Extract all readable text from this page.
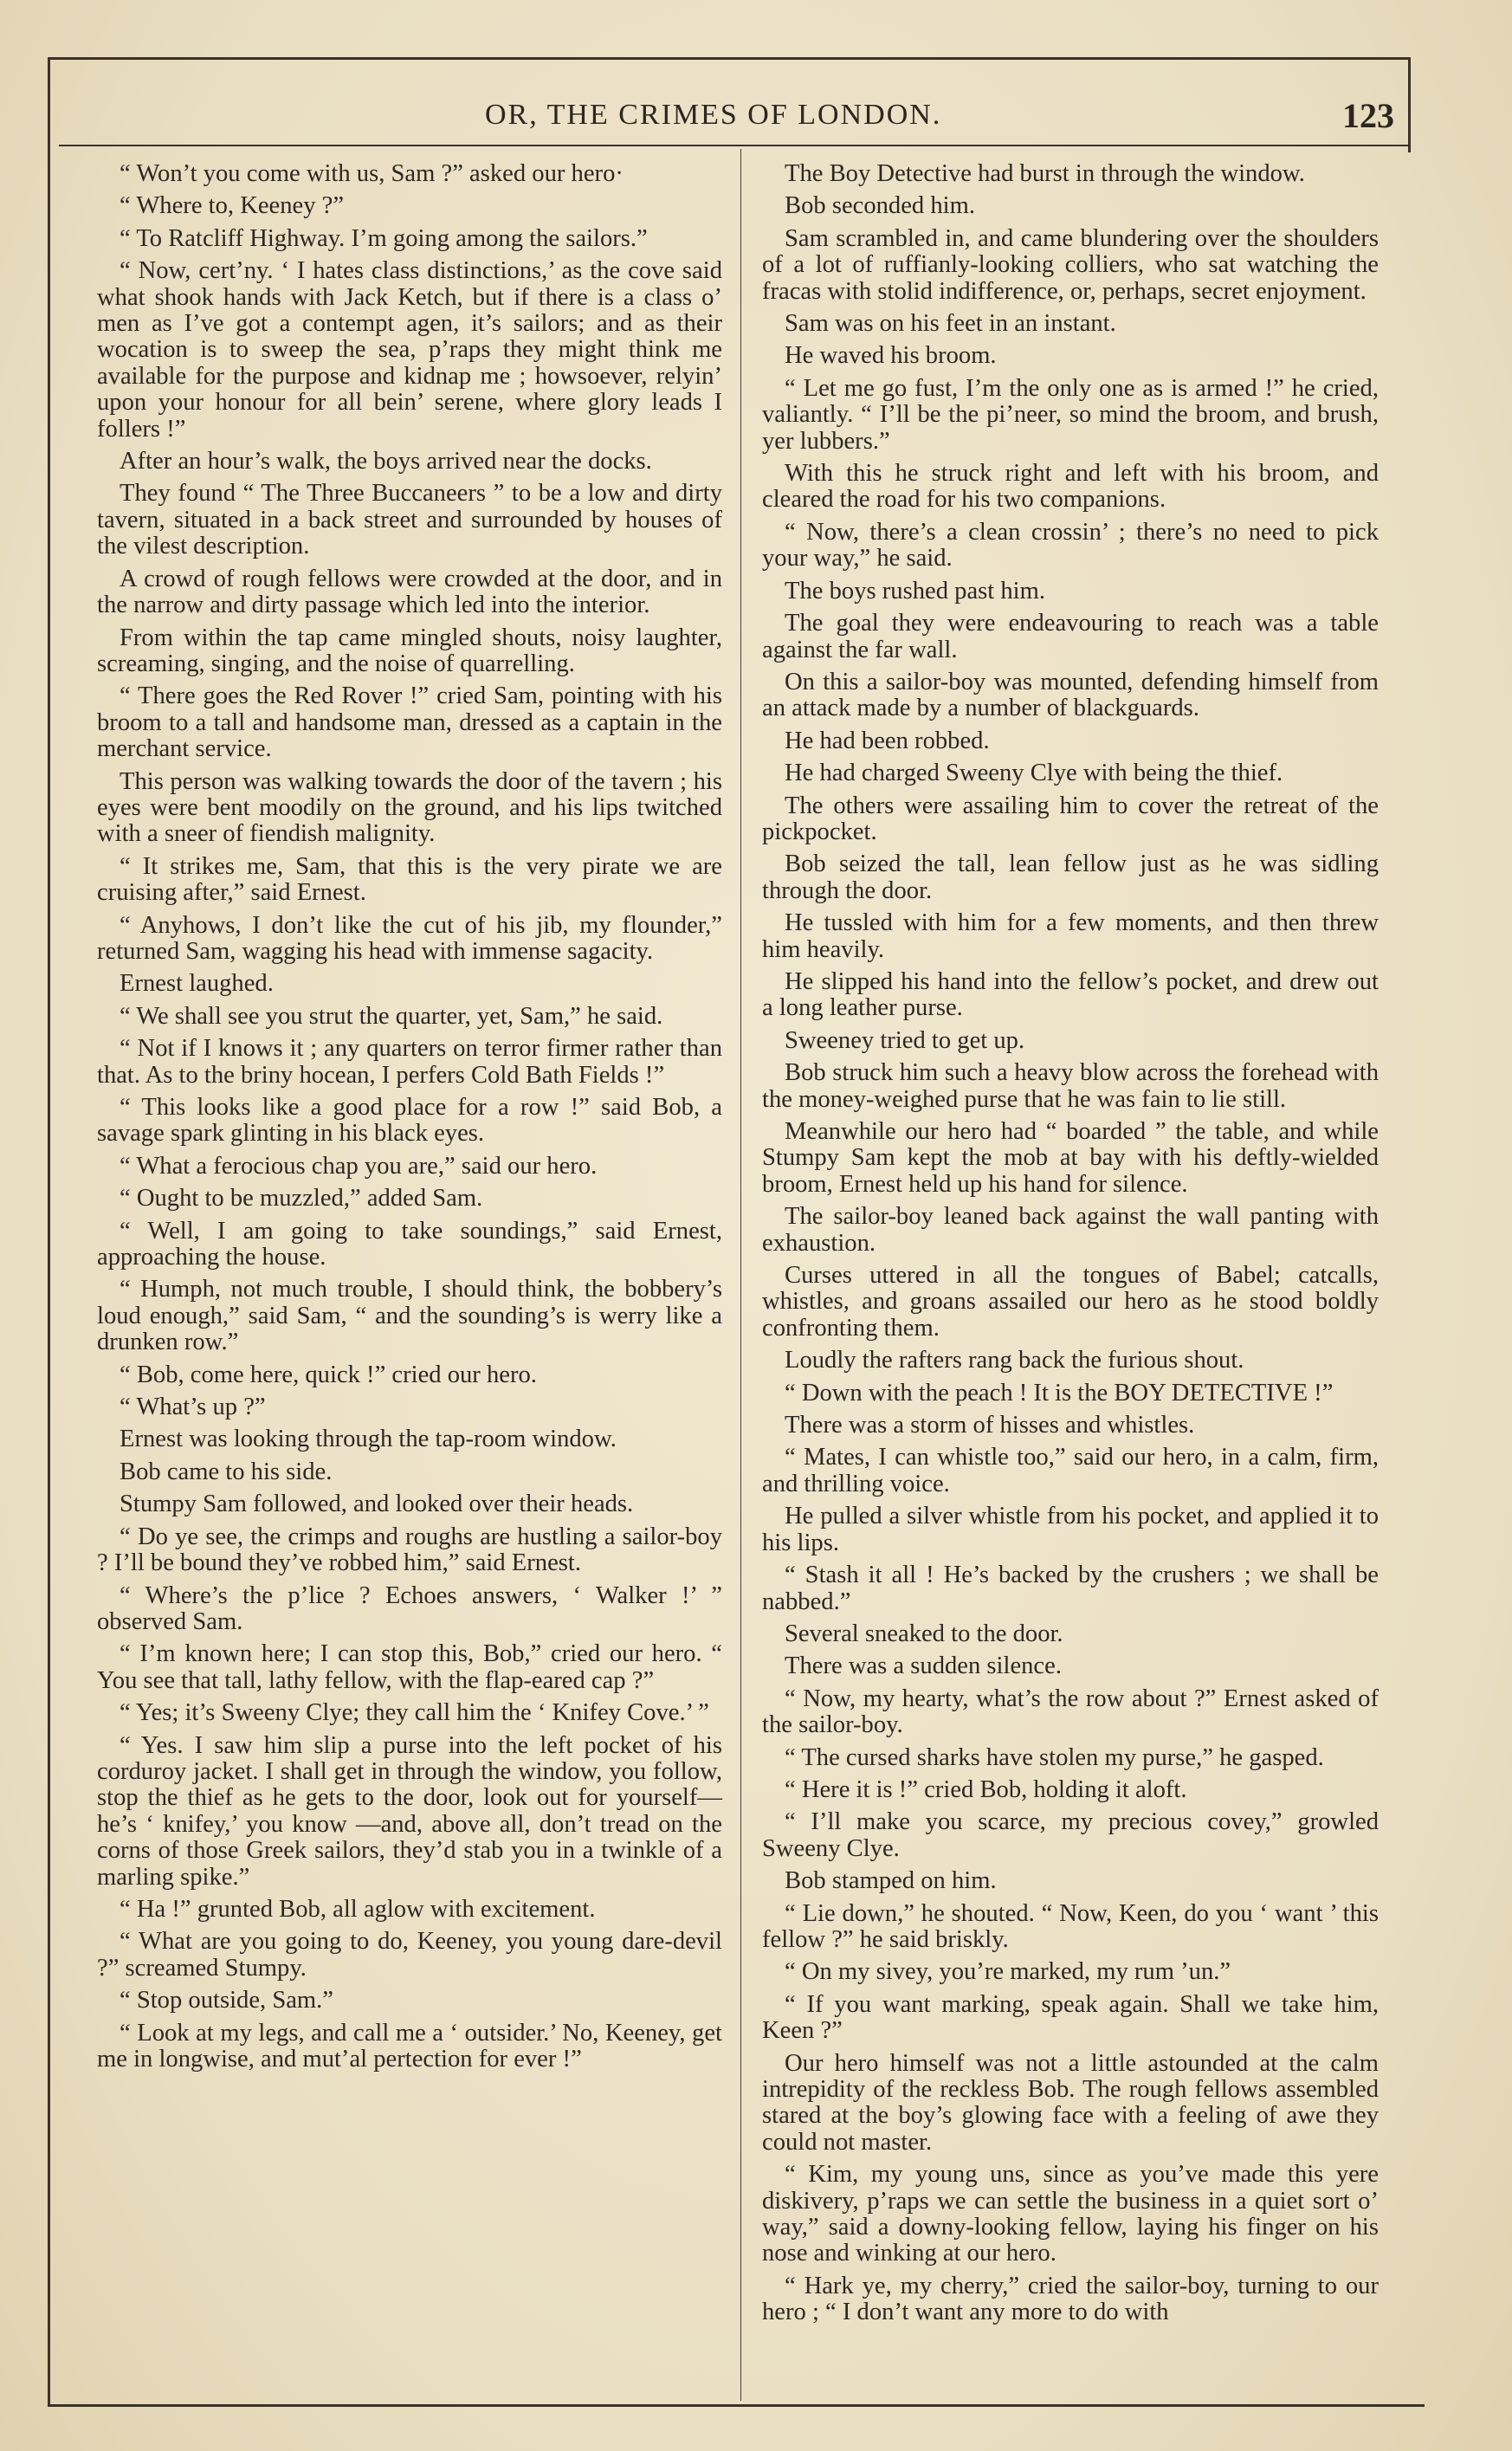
OR, THE CRIMES OF LONDON.	123

“ Won’t you come with us, Sam ?” asked our hero·

“ Where to, Keeney ?”

“ To Ratcliff Highway. I’m going among the sailors.”

“ Now, cert’ny. ‘ I hates class distinctions,’ as the cove said what shook hands with Jack Ketch, but if there is a class o’ men as I’ve got a contempt agen, it’s sailors; and as their wocation is to sweep the sea, p’raps they might think me available for the purpose and kidnap me ; howsoever, relyin’ upon your honour for all bein’ serene, where glory leads I follers !”

After an hour’s walk, the boys arrived near the docks.

They found “ The Three Buccaneers ” to be a low and dirty tavern, situated in a back street and surrounded by houses of the vilest description.

A crowd of rough fellows were crowded at the door, and in the narrow and dirty passage which led into the interior.

From within the tap came mingled shouts, noisy laughter, screaming, singing, and the noise of quarrelling.

“ There goes the Red Rover !” cried Sam, pointing with his broom to a tall and handsome man, dressed as a captain in the merchant service.

This person was walking towards the door of the tavern ; his eyes were bent moodily on the ground, and his lips twitched with a sneer of fiendish malignity.

“ It strikes me, Sam, that this is the very pirate we are cruising after,” said Ernest.

“ Anyhows, I don’t like the cut of his jib, my flounder,” returned Sam, wagging his head with immense sagacity.

Ernest laughed.

“ We shall see you strut the quarter, yet, Sam,” he said.

“ Not if I knows it ; any quarters on terror firmer rather than that. As to the briny hocean, I perfers Cold Bath Fields !”

“ This looks like a good place for a row !” said Bob, a savage spark glinting in his black eyes.

“ What a ferocious chap you are,” said our hero.

“ Ought to be muzzled,” added Sam.

“ Well, I am going to take soundings,” said Ernest, approaching the house.

“ Humph, not much trouble, I should think, the bobbery’s loud enough,” said Sam, “ and the sounding’s is werry like a drunken row.”

“ Bob, come here, quick !” cried our hero.

“ What’s up ?”

Ernest was looking through the tap-room window.

Bob came to his side.

Stumpy Sam followed, and looked over their heads.

“ Do ye see, the crimps and roughs are hustling a sailor-boy ? I’ll be bound they’ve robbed him,” said Ernest.

“ Where’s the p’lice ? Echoes answers, ‘ Walker !’ ” observed Sam.

“ I’m known here; I can stop this, Bob,” cried our hero. “ You see that tall, lathy fellow, with the flap-eared cap ?”

“ Yes; it’s Sweeny Clye; they call him the ‘ Knifey Cove.’ ”

“ Yes. I saw him slip a purse into the left pocket of his corduroy jacket. I shall get in through the window, you follow, stop the thief as he gets to the door, look out for yourself—he’s ‘ knifey,’ you know —and, above all, don’t tread on the corns of those Greek sailors, they’d stab you in a twinkle of a marling spike.”

“ Ha !” grunted Bob, all aglow with excitement.

“ What are you going to do, Keeney, you young dare-devil ?” screamed Stumpy.

“ Stop outside, Sam.”

“ Look at my legs, and call me a ‘ outsider.’ No, Keeney, get me in longwise, and mut’al pertection for ever !”

The Boy Detective had burst in through the window.

Bob seconded him.

Sam scrambled in, and came blundering over the shoulders of a lot of ruffianly-looking colliers, who sat watching the fracas with stolid indifference, or, perhaps, secret enjoyment.

Sam was on his feet in an instant.

He waved his broom.

“ Let me go fust, I’m the only one as is armed !” he cried, valiantly. “ I’ll be the pi’neer, so mind the broom, and brush, yer lubbers.”

With this he struck right and left with his broom, and cleared the road for his two companions.

“ Now, there’s a clean crossin’ ; there’s no need to pick your way,” he said.

The boys rushed past him.

The goal they were endeavouring to reach was a table against the far wall.

On this a sailor-boy was mounted, defending himself from an attack made by a number of blackguards.

He had been robbed.

He had charged Sweeny Clye with being the thief.

The others were assailing him to cover the retreat of the pickpocket.

Bob seized the tall, lean fellow just as he was sidling through the door.

He tussled with him for a few moments, and then threw him heavily.

He slipped his hand into the fellow’s pocket, and drew out a long leather purse.

Sweeney tried to get up.

Bob struck him such a heavy blow across the forehead with the money-weighed purse that he was fain to lie still.

Meanwhile our hero had “ boarded ” the table, and while Stumpy Sam kept the mob at bay with his deftly-wielded broom, Ernest held up his hand for silence.

The sailor-boy leaned back against the wall panting with exhaustion.

Curses uttered in all the tongues of Babel; catcalls, whistles, and groans assailed our hero as he stood boldly confronting them.

Loudly the rafters rang back the furious shout.

“ Down with the peach ! It is the BOY DETECTIVE !”

There was a storm of hisses and whistles.

“ Mates, I can whistle too,” said our hero, in a calm, firm, and thrilling voice.

He pulled a silver whistle from his pocket, and applied it to his lips.

“ Stash it all ! He’s backed by the crushers ; we shall be nabbed.”

Several sneaked to the door.

There was a sudden silence.

“ Now, my hearty, what’s the row about ?” Ernest asked of the sailor-boy.

“ The cursed sharks have stolen my purse,” he gasped.

“ Here it is !” cried Bob, holding it aloft.

“ I’ll make you scarce, my precious covey,” growled Sweeny Clye.

Bob stamped on him.

“ Lie down,” he shouted. “ Now, Keen, do you ‘ want ’ this fellow ?” he said briskly.

“ On my sivey, you’re marked, my rum ’un.”

“ If you want marking, speak again. Shall we take him, Keen ?”

Our hero himself was not a little astounded at the calm intrepidity of the reckless Bob. The rough fellows assembled stared at the boy’s glowing face with a feeling of awe they could not master.

“ Kim, my young uns, since as you’ve made this yere diskivery, p’raps we can settle the business in a quiet sort o’ way,” said a downy-looking fellow, laying his finger on his nose and winking at our hero.

“ Hark ye, my cherry,” cried the sailor-boy, turning to our hero ; “ I don’t want any more to do with
